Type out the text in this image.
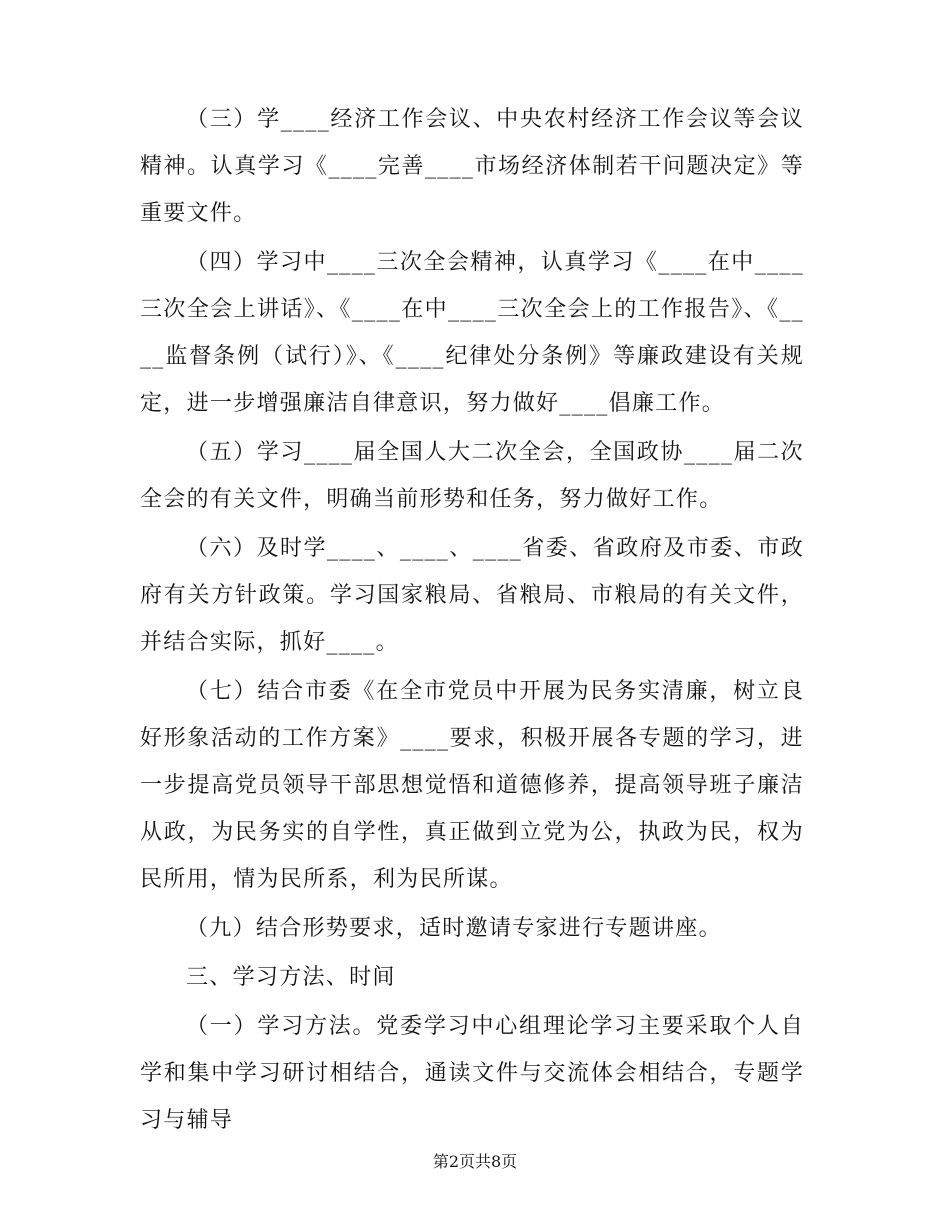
（三）学____经济工作会议、中央农村经济工作会议等会议精神。认真学习《____完善____市场经济体制若干问题决定》等重要文件。

（四）学习中____三次全会精神，认真学习《____在中____三次全会上讲话》、《____在中____三次全会上的工作报告》、《____监督条例（试行）》、《____纪律处分条例》等廉政建设有关规定，进一步增强廉洁自律意识，努力做好____倡廉工作。

（五）学习____届全国人大二次全会，全国政协____届二次全会的有关文件，明确当前形势和任务，努力做好工作。

（六）及时学____、____、____省委、省政府及市委、市政府有关方针政策。学习国家粮局、省粮局、市粮局的有关文件，并结合实际，抓好____。

（七）结合市委《在全市党员中开展为民务实清廉，树立良好形象活动的工作方案》____要求，积极开展各专题的学习，进一步提高党员领导干部思想觉悟和道德修养，提高领导班子廉洁从政，为民务实的自学性，真正做到立党为公，执政为民，权为民所用，情为民所系，利为民所谋。

（九）结合形势要求，适时邀请专家进行专题讲座。

三、学习方法、时间

（一）学习方法。党委学习中心组理论学习主要采取个人自学和集中学习研讨相结合，通读文件与交流体会相结合，专题学习与辅导

第2页共8页
